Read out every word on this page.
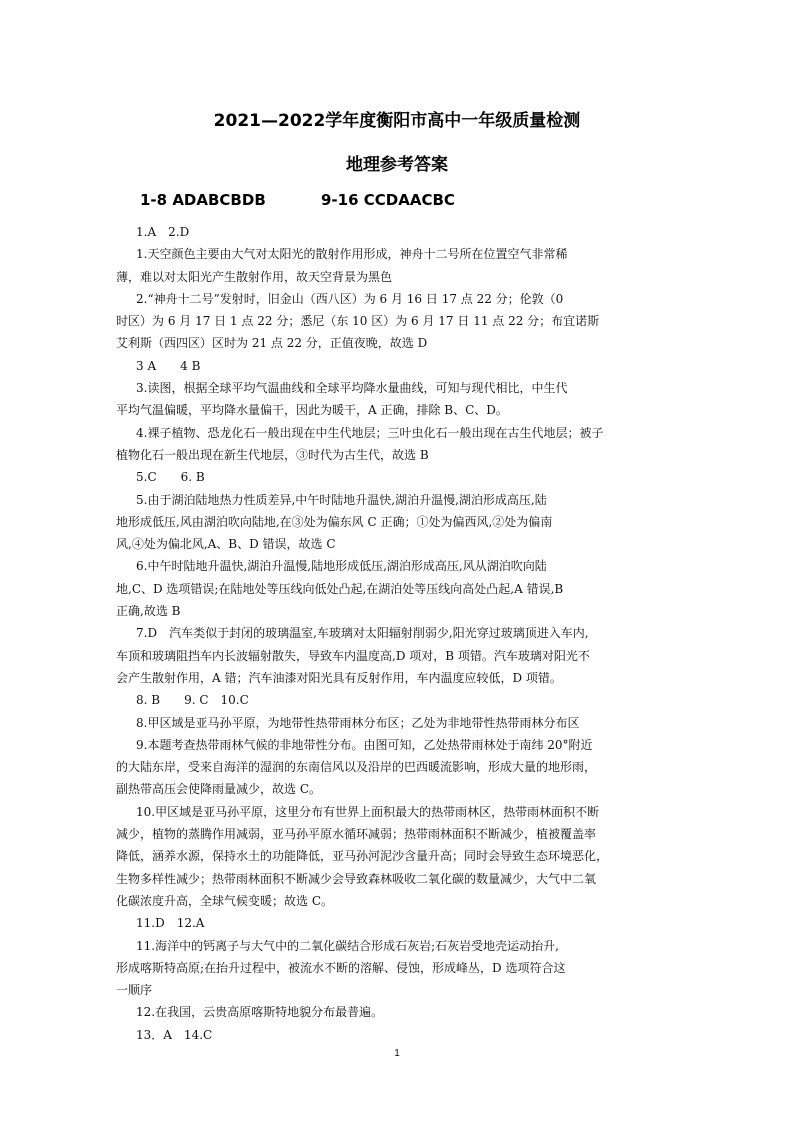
2021—2022学年度衡阳市高中一年级质量检测
地理参考答案
1-8 ADABCBDB	9-16 CCDAACBC

1.A　2.D

1.天空颜色主要由大气对太阳光的散射作用形成，神舟十二号所在位置空气非常稀

薄，难以对太阳光产生散射作用，故天空背景为黑色

2.“神舟十二号”发射时，旧金山（西八区）为 6 月 16 日 17 点 22 分；伦敦（0

时区）为 6 月 17 日 1 点 22 分；悉尼（东 10 区）为 6 月 17 日 11 点 22 分；布宜诺斯

艾利斯（西四区）区时为 21 点 22 分，正值夜晚，故选 D

3 A　　4 B

3.读图，根据全球平均气温曲线和全球平均降水量曲线，可知与现代相比，中生代

平均气温偏暖，平均降水量偏干，因此为暖干，A 正确，排除 B、C、D。

4.裸子植物、恐龙化石一般出现在中生代地层；三叶虫化石一般出现在古生代地层；被子

植物化石一般出现在新生代地层，③时代为古生代，故选 B

5.C　　6. B

5.由于湖泊陆地热力性质差异,中午时陆地升温快,湖泊升温慢,湖泊形成高压,陆

地形成低压,风由湖泊吹向陆地,在③处为偏东风 C 正确；①处为偏西风,②处为偏南

风,④处为偏北风,A、B、D 错误，故选 C

6.中午时陆地升温快,湖泊升温慢,陆地形成低压,湖泊形成高压,风从湖泊吹向陆

地,C、D 选项错误;在陆地处等压线向低处凸起,在湖泊处等压线向高处凸起,A 错误,B

正确,故选 B

7.D　汽车类似于封闭的玻璃温室,车玻璃对太阳辐射削弱少,阳光穿过玻璃顶进入车内,

车顶和玻璃阻挡车内长波辐射散失，导致车内温度高,D 项对，B 项错。汽车玻璃对阳光不

会产生散射作用，A 错；汽车油漆对阳光具有反射作用，车内温度应较低，D 项错。

8. B　　9. C　10.C

8.甲区域是亚马孙平原，为地带性热带雨林分布区；乙处为非地带性热带雨林分布区

9.本题考查热带雨林气候的非地带性分布。由图可知，乙处热带雨林处于南纬 20°附近

的大陆东岸，受来自海洋的湿润的东南信风以及沿岸的巴西暖流影响，形成大量的地形雨，

副热带高压会使降雨量减少，故选 C。

10.甲区域是亚马孙平原，这里分布有世界上面积最大的热带雨林区，热带雨林面积不断

减少，植物的蒸腾作用减弱，亚马孙平原水循环减弱；热带雨林面积不断减少，植被覆盖率

降低，涵养水源，保持水土的功能降低，亚马孙河泥沙含量升高；同时会导致生态环境恶化，

生物多样性减少；热带雨林面积不断减少会导致森林吸收二氧化碳的数量减少，大气中二氧

化碳浓度升高，全球气候变暖；故选 C。

11.D　12.A

11.海洋中的钙离子与大气中的二氧化碳结合形成石灰岩;石灰岩受地壳运动抬升,

形成喀斯特高原;在抬升过程中，被流水不断的溶解、侵蚀，形成峰丛，D 选项符合这

一顺序

12.在我国，云贵高原喀斯特地貌分布最普遍。

13．A　14.C

1
